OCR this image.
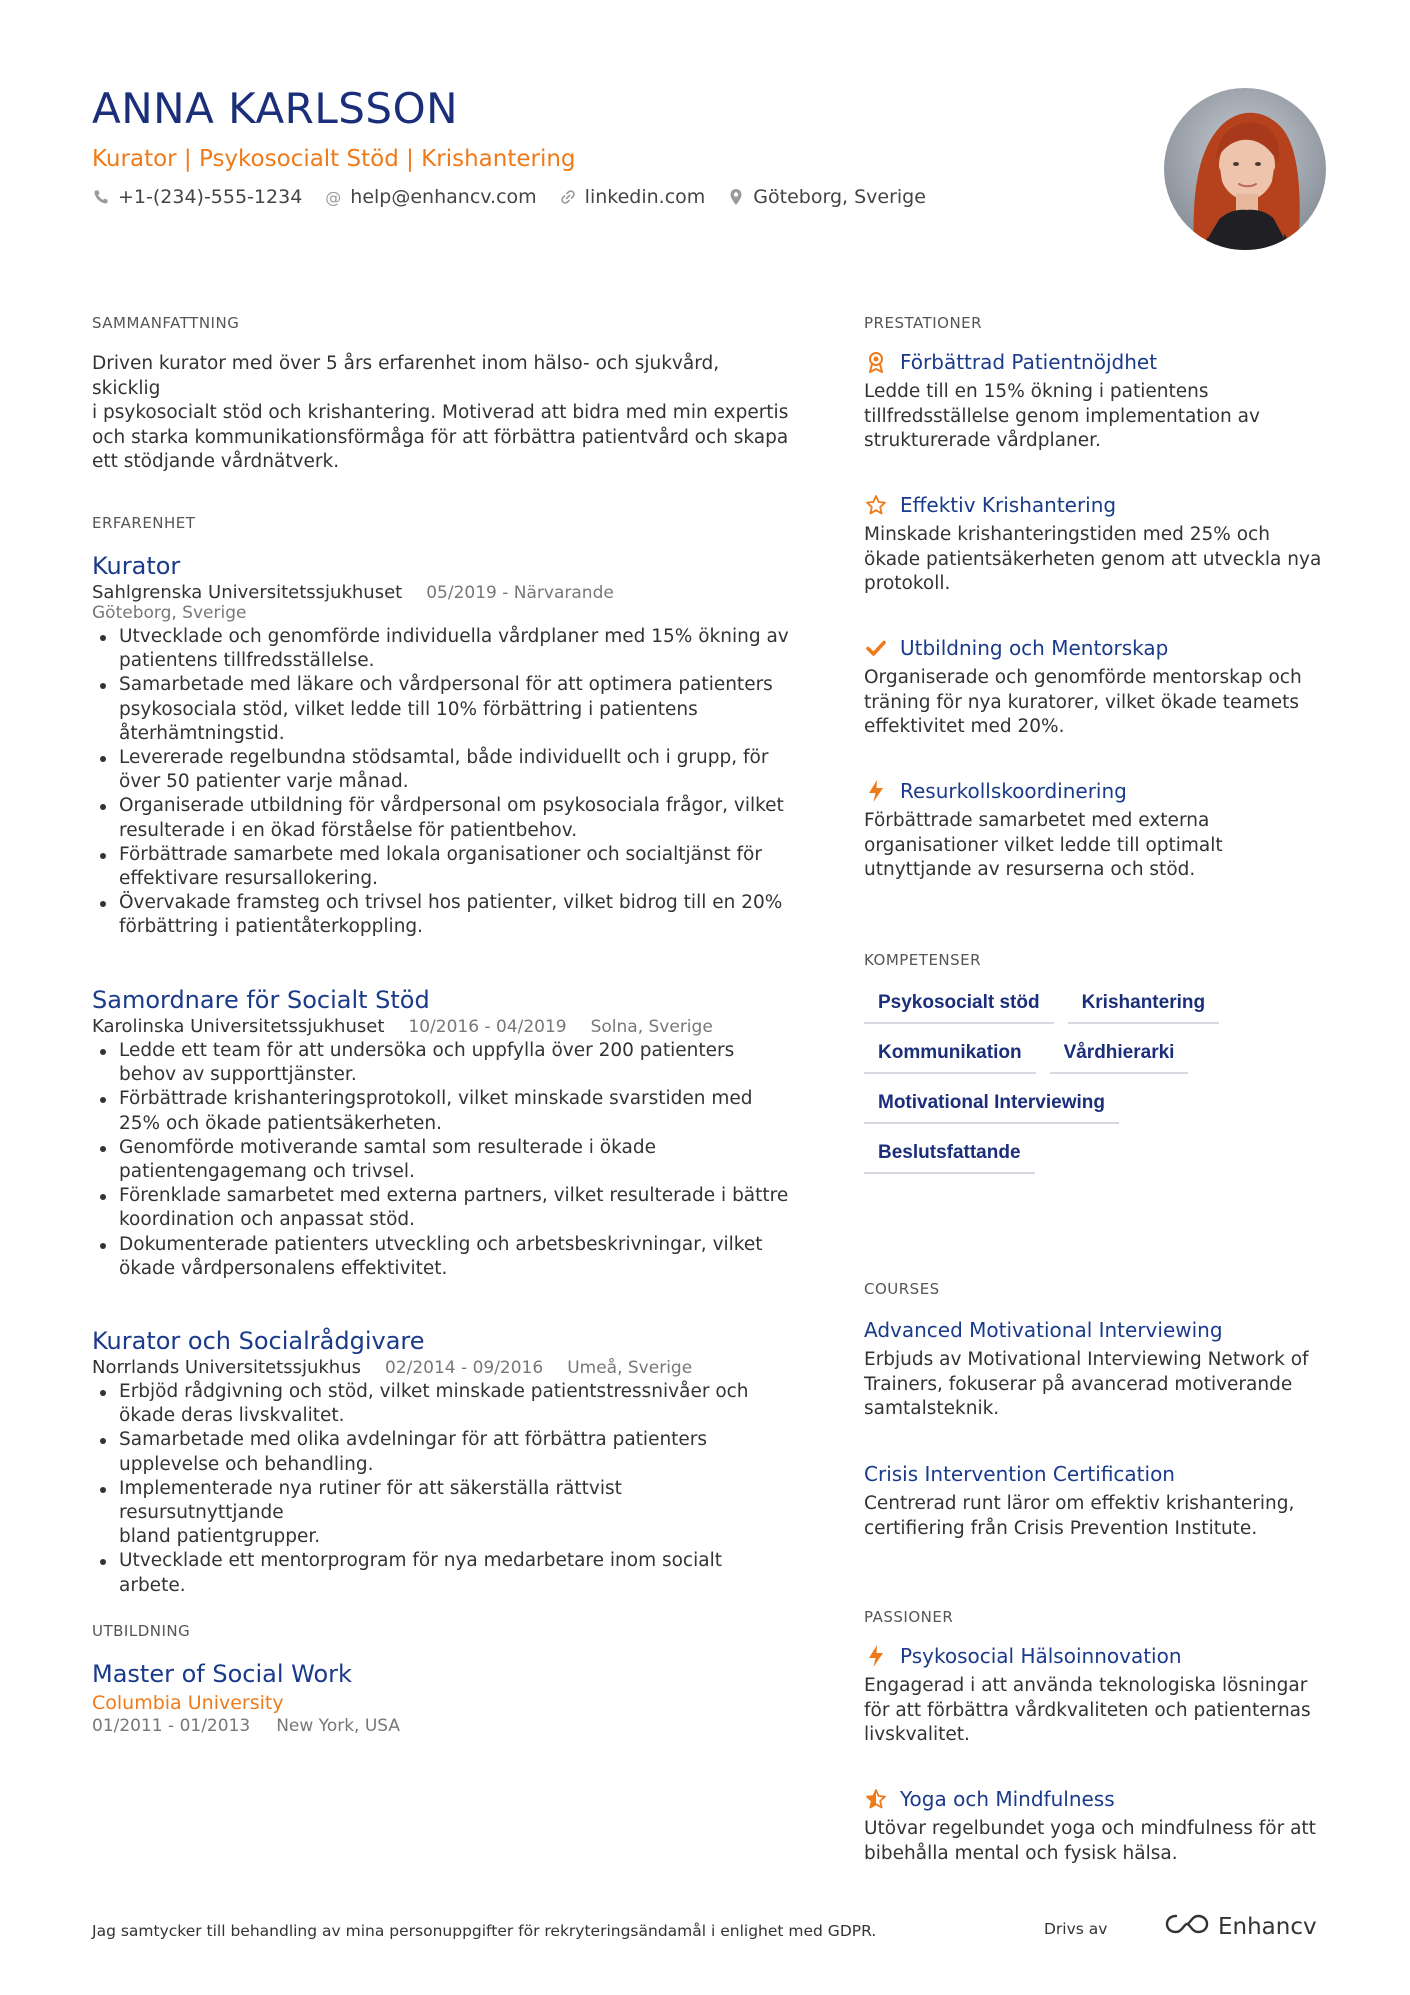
ANNA KARLSSON
Kurator | Psykosocialt Stöd | Krishantering
+1-(234)-555-1234 @ help@enhancv.com	linkedin.com	Göteborg, Sverige
SAMMANFATTNING
Driven kurator med över 5 års erfarenhet inom hälso- och sjukvård, skicklig
i psykosocialt stöd och krishantering. Motiverad att bidra med min expertis
och starka kommunikationsförmåga för att förbättra patientvård och skapa
ett stödjande vårdnätverk.
ERFARENHET
Kurator
Sahlgrenska Universitetssjukhuset 05/2019 - Närvarande
Göteborg, Sverige
Utvecklade och genomförde individuella vårdplaner med 15% ökning av
patientens tillfredsställelse.
Samarbetade med läkare och vårdpersonal för att optimera patienters
psykosociala stöd, vilket ledde till 10% förbättring i patientens
återhämtningstid.
Levererade regelbundna stödsamtal, både individuellt och i grupp, för
över 50 patienter varje månad.
Organiserade utbildning för vårdpersonal om psykosociala frågor, vilket
resulterade i en ökad förståelse för patientbehov.
Förbättrade samarbete med lokala organisationer och socialtjänst för
effektivare resursallokering.
Övervakade framsteg och trivsel hos patienter, vilket bidrog till en 20%
förbättring i patientåterkoppling.
Samordnare för Socialt Stöd
Karolinska Universitetssjukhuset 10/2016 - 04/2019 Solna, Sverige
Ledde ett team för att undersöka och uppfylla över 200 patienters
behov av supporttjänster.
Förbättrade krishanteringsprotokoll, vilket minskade svarstiden med
25% och ökade patientsäkerheten.
Genomförde motiverande samtal som resulterade i ökade
patientengagemang och trivsel.
Förenklade samarbetet med externa partners, vilket resulterade i bättre
koordination och anpassat stöd.
Dokumenterade patienters utveckling och arbetsbeskrivningar, vilket
ökade vårdpersonalens effektivitet.
Kurator och Socialrådgivare
Norrlands Universitetssjukhus 02/2014 - 09/2016 Umeå, Sverige
Erbjöd rådgivning och stöd, vilket minskade patientstressnivåer och
ökade deras livskvalitet.
Samarbetade med olika avdelningar för att förbättra patienters
upplevelse och behandling.
Implementerade nya rutiner för att säkerställa rättvist resursutnyttjande
bland patientgrupper.
Utvecklade ett mentorprogram för nya medarbetare inom socialt arbete.
UTBILDNING
Master of Social Work
Columbia University
01/2011 - 01/2013 New York, USA
PRESTATIONER
Förbättrad Patientnöjdhet
Ledde till en 15% ökning i patientens
tillfredsställelse genom implementation av
strukturerade vårdplaner.
Effektiv Krishantering
Minskade krishanteringstiden med 25% och
ökade patientsäkerheten genom att utveckla nya
protokoll.
Utbildning och Mentorskap
Organiserade och genomförde mentorskap och
träning för nya kuratorer, vilket ökade teamets
effektivitet med 20%.
Resurkollskoordinering
Förbättrade samarbetet med externa
organisationer vilket ledde till optimalt
utnyttjande av resurserna och stöd.
KOMPETENSER
Psykosocialt stöd	Krishantering
Kommunikation	Vårdhierarki
Motivational Interviewing
Beslutsfattande
COURSES
Advanced Motivational Interviewing
Erbjuds av Motivational Interviewing Network of
Trainers, fokuserar på avancerad motiverande
samtalsteknik.
Crisis Intervention Certification
Centrerad runt läror om effektiv krishantering,
certifiering från Crisis Prevention Institute.
PASSIONER
Psykosocial Hälsoinnovation
Engagerad i att använda teknologiska lösningar
för att förbättra vårdkvaliteten och patienternas
livskvalitet.
Yoga och Mindfulness
Utövar regelbundet yoga och mindfulness för att
bibehålla mental och fysisk hälsa.
Jag samtycker till behandling av mina personuppgifter för rekryteringsändamål i enlighet med GDPR.	Drivs av	Enhancv
